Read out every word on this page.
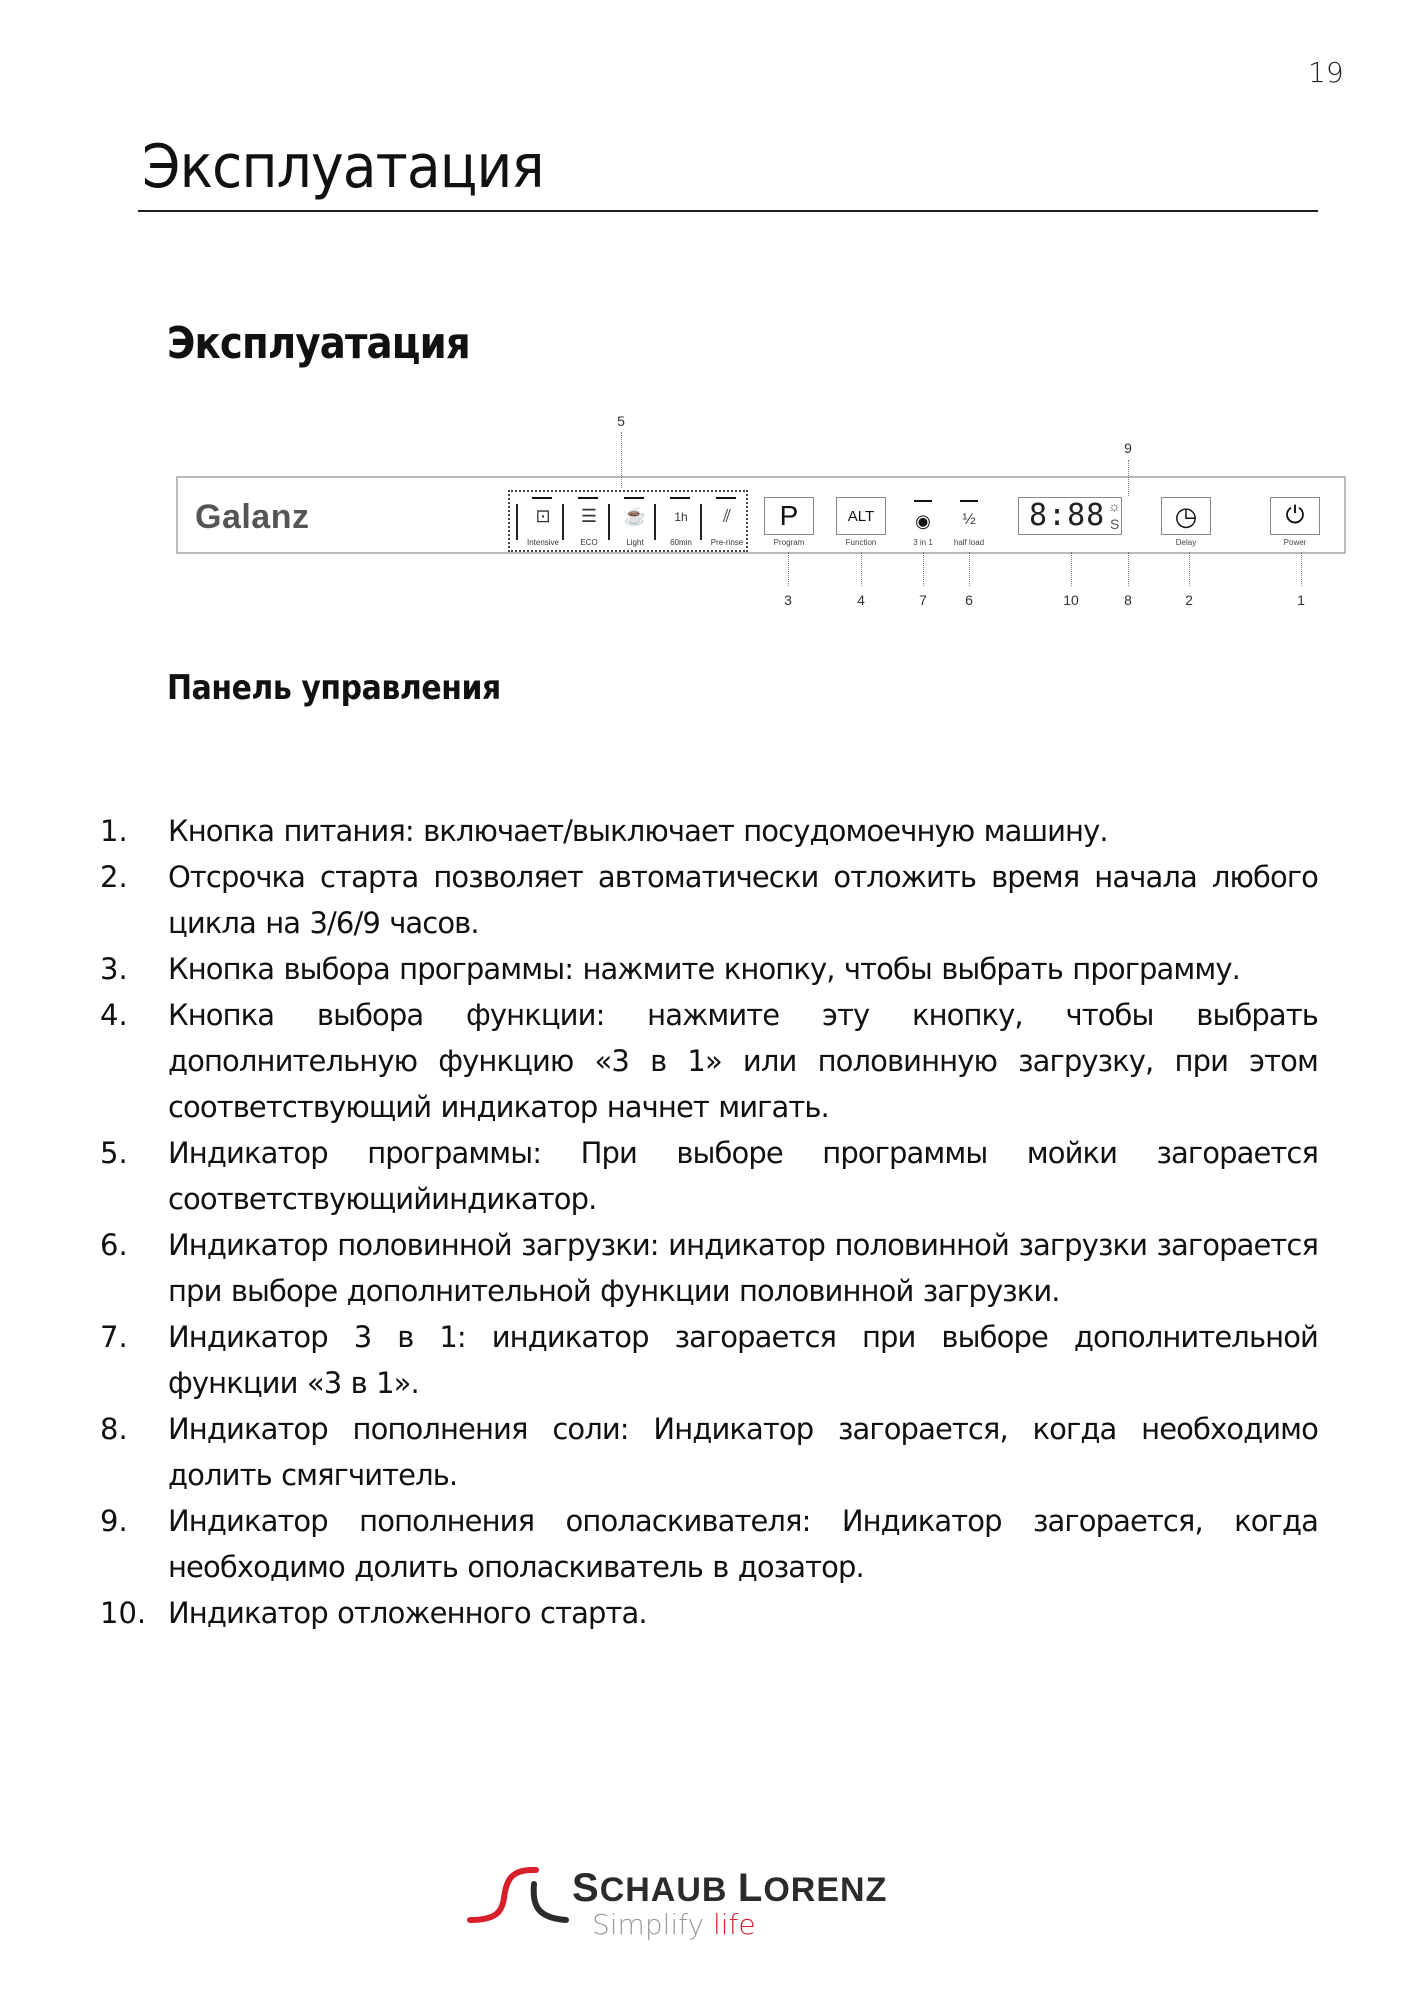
19
Эксплуатация
Эксплуатация
Galanz	⊡
Intensive
☰
ECO
☕
Light
1h
60min
⫽
Pre-rinse
P
Program
ALT
Function
◉
3 in 1
½
half load
8:88 ☼
S ◷
Delay
⏻
Power
5
9
3	4	7	6	10	8	2	1
Панель управления
1.	Кнопка питания: включает/выключает посудомоечную машину.
2.	Отсрочка старта позволяет автоматически отложить время начала любого цикла на 3/6/9 часов.
3.	Кнопка выбора программы: нажмите кнопку, чтобы выбрать программу.
4.	Кнопка выбора функции: нажмите эту кнопку, чтобы выбрать дополнительную функцию «3 в 1» или половинную загрузку, при этом соответствующий индикатор начнет мигать.
5.	Индикатор программы: При выборе программы мойки загорается соответствующийиндикатор.
6.	Индикатор половинной загрузки: индикатор половинной загрузки загорается при выборе дополнительной функции половинной загрузки.
7.	Индикатор 3 в 1: индикатор загорается при выборе дополнительной функции «3 в 1».
8.	Индикатор пополнения соли: Индикатор загорается, когда необходимо долить смягчитель.
9.	Индикатор пополнения ополаскивателя: Индикатор загорается, когда необходимо долить ополаскиватель в дозатор.
10. Индикатор отложенного старта.
SCHAUB LORENZ
Simplify life
